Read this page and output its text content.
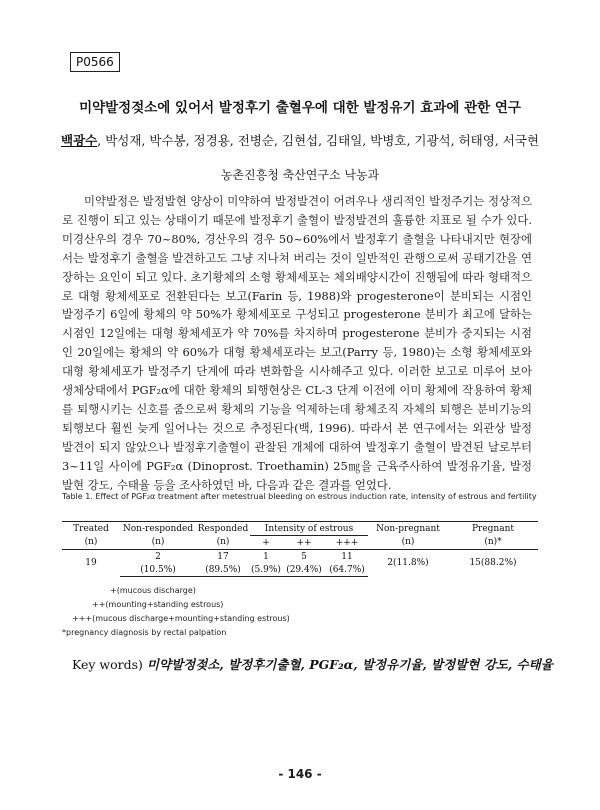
P0566
미약발정젖소에 있어서 발정후기 출혈우에 대한 발정유기 효과에 관한 연구
백광수, 박성재, 박수봉, 정경용, 전병순, 김현섭, 김태일, 박병호, 기광석, 허태영, 서국현
농촌진흥청 축산연구소 낙농과

미약발정은 발정발현 양상이 미약하여 발정발견이 어려우나 생리적인 발정주기는 정상적으로 진행이 되고 있는 상태이기 때문에 발정후기 출혈이 발정발견의 훌륭한 지표로 될 수가 있다. 미경산우의 경우 70~80%, 경산우의 경우 50~60%에서 발정후기 출혈을 나타내지만 현장에서는 발정후기 출혈을 발견하고도 그냥 지나쳐 버리는 것이 일반적인 관행으로써 공태기간을 연장하는 요인이 되고 있다. 초기황체의 소형 황체세포는 체외배양시간이 진행됨에 따라 형태적으로 대형 황체세포로 전환된다는 보고(Farin 등, 1988)와 progesterone이 분비되는 시점인 발정주기 6일에 황체의 약 50%가 황체세포로 구성되고 progesterone 분비가 최고에 달하는 시점인 12일에는 대형 황체세포가 약 70%를 차지하며 progesterone 분비가 중지되는 시점인 20일에는 황체의 약 60%가 대형 황체세포라는 보고(Parry 등, 1980)는 소형 황체세포와 대형 황체세포가 발정주기 단계에 따라 변화함을 시사해주고 있다. 이러한 보고로 미루어 보아 생체상태에서 PGF₂α에 대한 황체의 퇴행현상은 CL-3 단계 이전에 이미 황체에 작용하여 황체를 퇴행시키는 신호를 줌으로써 황체의 기능을 억제하는데 황체조직 자체의 퇴행은 분비기능의 퇴행보다 훨씬 늦게 일어나는 것으로 추정된다(백, 1996). 따라서 본 연구에서는 외관상 발정발견이 되지 않았으나 발정후기출혈이 관찰된 개체에 대하여 발정후기 출혈이 발견된 날로부터 3~11일 사이에 PGF₂α (Dinoprost. Troethamin) 25㎎을 근육주사하여 발정유기율, 발정발현 강도, 수태율 등을 조사하였던 바, 다음과 같은 결과를 얻었다.

Table 1. Effect of PGF₂α treatment after metestrual bleeding on estrous induction rate, intensity of estrous and fertility
Treated	Non-responded	Responded	Intensity of estrous			Non-pregnant	Pregnant
(n)	(n)	(n)	+	++	+++	(n)	(n)*
19	2	17	1	5	11	2(11.8%)	15(88.2%)
	(10.5%)	(89.5%)	(5.9%)	(29.4%)	(64.7%)		
+(mucous discharge)
++(mounting+standing estrous)
+++(mucous discharge+mounting+standing estrous)
*pregnancy diagnosis by rectal palpation
Key words) 미약발정젖소, 발정후기출혈, PGF₂α, 발정유기율, 발정발현 강도, 수태율
- 146 -
